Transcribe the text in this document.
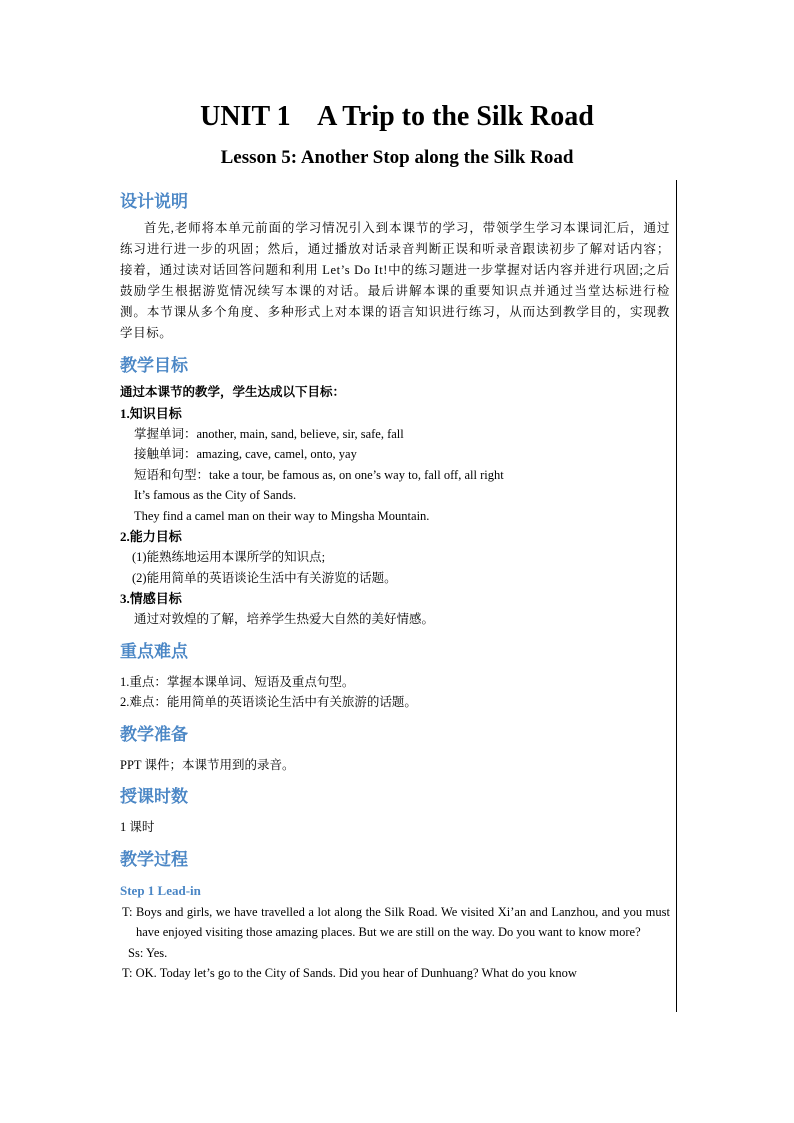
UNIT 1    A Trip to the Silk Road
Lesson 5: Another Stop along the Silk Road
设计说明

首先,老师将本单元前面的学习情况引入到本课节的学习，带领学生学习本课词汇后，通过练习进行进一步的巩固；然后，通过播放对话录音判断正误和听录音跟读初步了解对话内容；接着，通过读对话回答问题和利用 Let’s Do It!中的练习题进一步掌握对话内容并进行巩固;之后鼓励学生根据游览情况续写本课的对话。最后讲解本课的重要知识点并通过当堂达标进行检测。本节课从多个角度、多种形式上对本课的语言知识进行练习，从而达到教学目的，实现教学目标。

教学目标
通过本课节的教学，学生达成以下目标：
1.知识目标
掌握单词：another, main, sand, believe, sir, safe, fall
接触单词：amazing, cave, camel, onto, yay
短语和句型：take a tour, be famous as, on one’s way to, fall off, all right
It’s famous as the City of Sands.
They find a camel man on their way to Mingsha Mountain.
2.能力目标
(1)能熟练地运用本课所学的知识点;
(2)能用简单的英语谈论生活中有关游览的话题。
3.情感目标
通过对敦煌的了解，培养学生热爱大自然的美好情感。
重点难点
1.重点：掌握本课单词、短语及重点句型。
2.难点：能用简单的英语谈论生活中有关旅游的话题。
教学准备
PPT 课件；本课节用到的录音。
授课时数
1 课时
教学过程
Step 1 Lead-in
T: Boys and girls, we have travelled a lot along the Silk Road. We visited Xi’an and Lanzhou, and you must have enjoyed visiting those amazing places. But we are still on the way. Do you want to know more?
Ss: Yes.
T: OK. Today let’s go to the City of Sands. Did you hear of Dunhuang? What do you know
